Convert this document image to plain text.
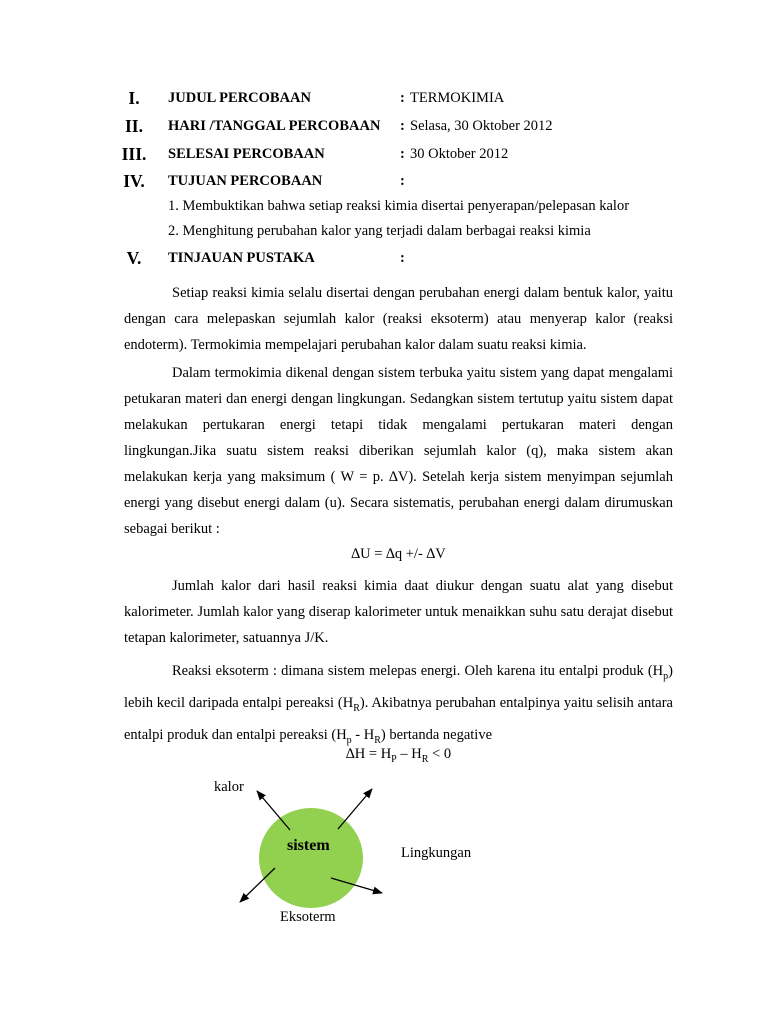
I.	JUDUL PERCOBAAN	: TERMOKIMIA
II.	HARI /TANGGAL PERCOBAAN : Selasa, 30 Oktober 2012
III.	SELESAI PERCOBAAN	: 30 Oktober 2012
IV.	TUJUAN PERCOBAAN	:
1. Membuktikan bahwa setiap reaksi kimia disertai penyerapan/pelepasan kalor
2. Menghitung perubahan kalor yang terjadi dalam berbagai reaksi kimia
V.	TINJAUAN PUSTAKA	:

Setiap reaksi kimia selalu disertai dengan perubahan energi dalam bentuk kalor, yaitu dengan cara melepaskan sejumlah kalor (reaksi eksoterm) atau menyerap kalor (reaksi endoterm). Termokimia mempelajari perubahan kalor dalam suatu reaksi kimia.

Dalam termokimia dikenal dengan sistem terbuka yaitu sistem yang dapat mengalami petukaran materi dan energi dengan lingkungan. Sedangkan sistem tertutup yaitu sistem dapat melakukan pertukaran energi tetapi tidak mengalami pertukaran materi dengan lingkungan.Jika suatu sistem reaksi diberikan sejumlah kalor (q), maka sistem akan melakukan kerja yang maksimum ( W = p. ∆V). Setelah kerja sistem menyimpan sejumlah energi yang disebut energi dalam (u). Secara sistematis, perubahan energi dalam dirumuskan sebagai berikut :

∆U = ∆q +/- ∆V

Jumlah kalor dari hasil reaksi kimia daat diukur dengan suatu alat yang disebut kalorimeter. Jumlah kalor yang diserap kalorimeter untuk menaikkan suhu satu derajat disebut tetapan kalorimeter, satuannya J/K.

Reaksi eksoterm : dimana sistem melepas energi. Oleh karena itu entalpi produk $(H_p)$ lebih kecil daripada entalpi pereaksi $(H_R)$. Akibatnya perubahan entalpinya yaitu selisih antara entalpi produk dan entalpi pereaksi $(H_p - H_R)$ bertanda negative

$\Delta H = H_P - H_R < 0$
sistem
kalor
Lingkungan
Eksoterm
